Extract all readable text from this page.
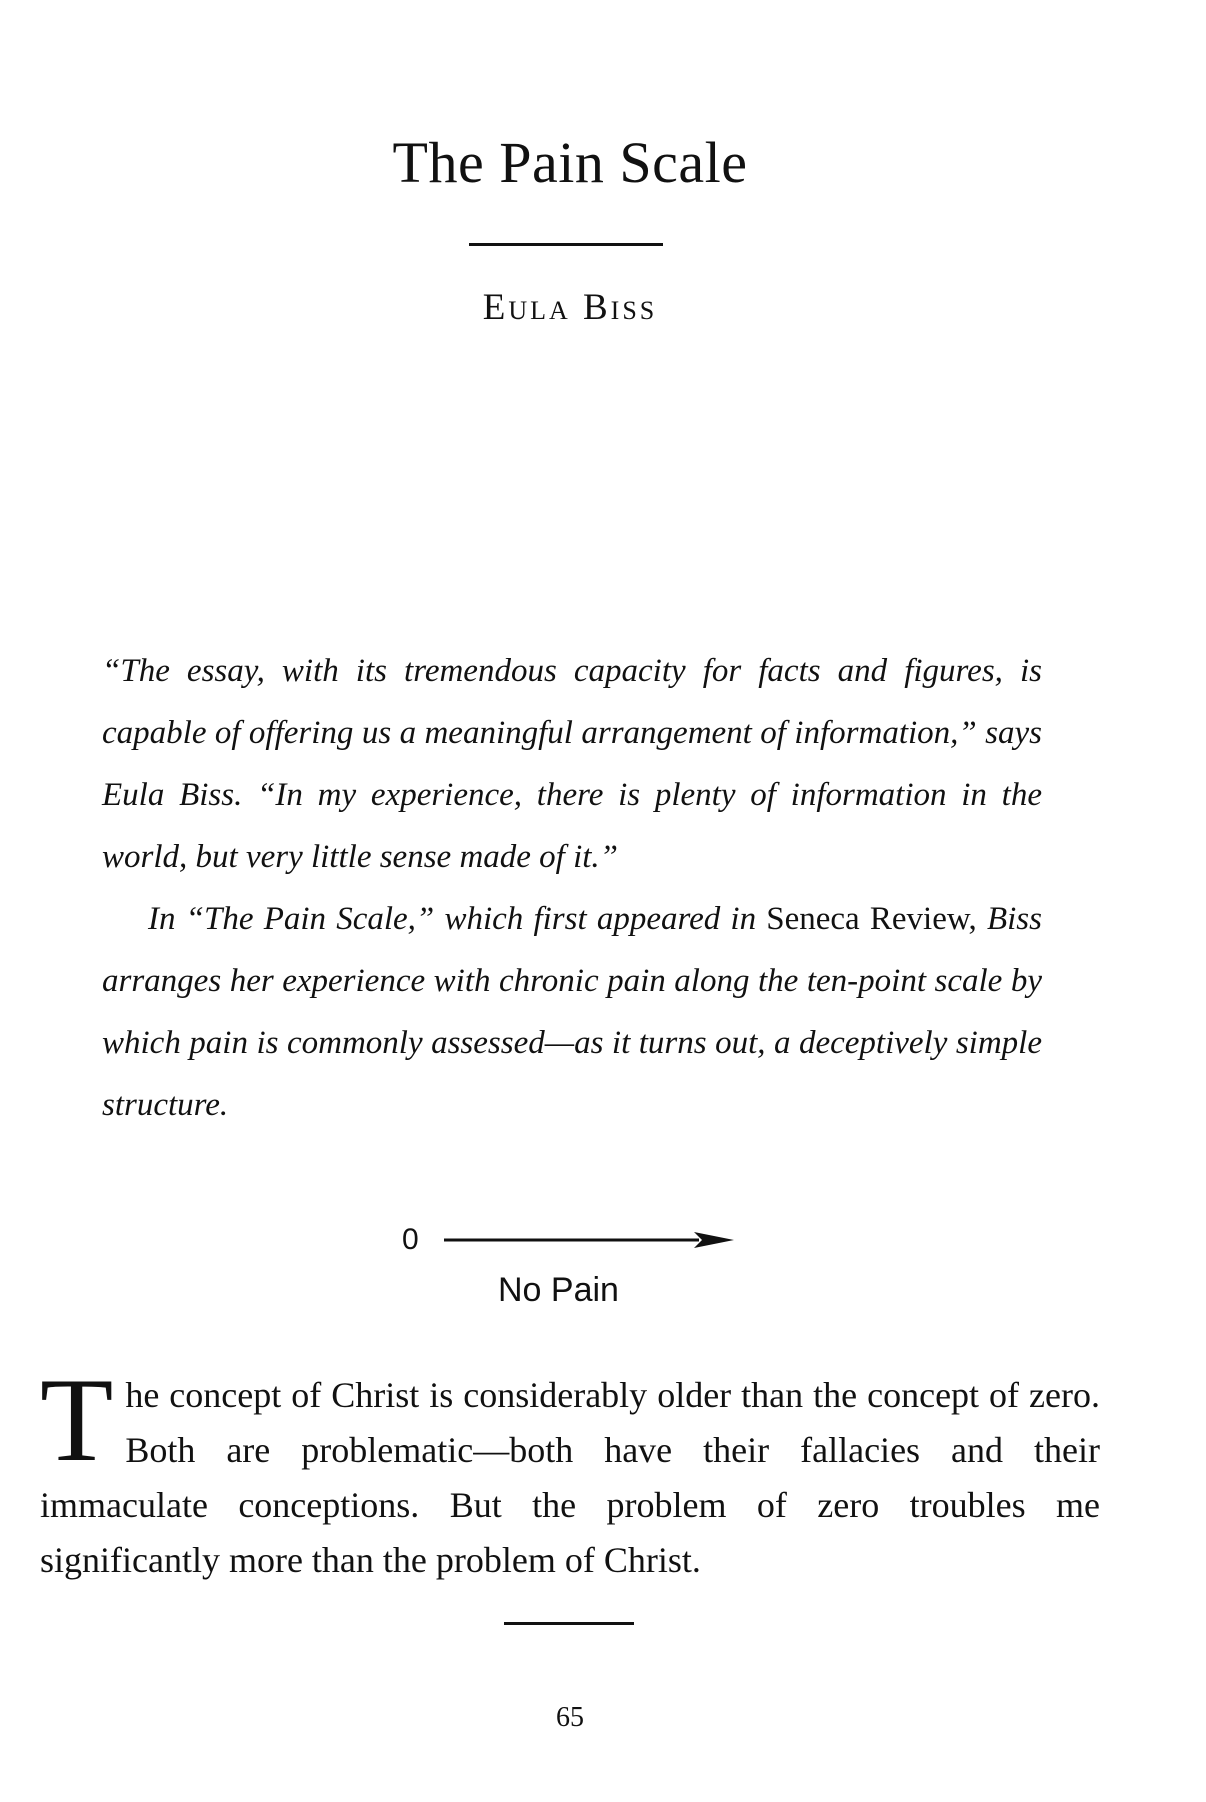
The Pain Scale
Eula Biss

“The essay, with its tremendous capacity for facts and figures, is capable of offering us a meaningful arrangement of information,” says Eula Biss. “In my experience, there is plenty of information in the world, but very little sense made of it.”

In “The Pain Scale,” which first appeared in Seneca Review, Biss arranges her experience with chronic pain along the ten-point scale by which pain is commonly assessed—as it turns out, a deceptively simple structure.

0
No Pain

The concept of Christ is considerably older than the concept of zero. Both are problematic—both have their fallacies and their immaculate conceptions. But the problem of zero troubles me significantly more than the problem of Christ.

65
